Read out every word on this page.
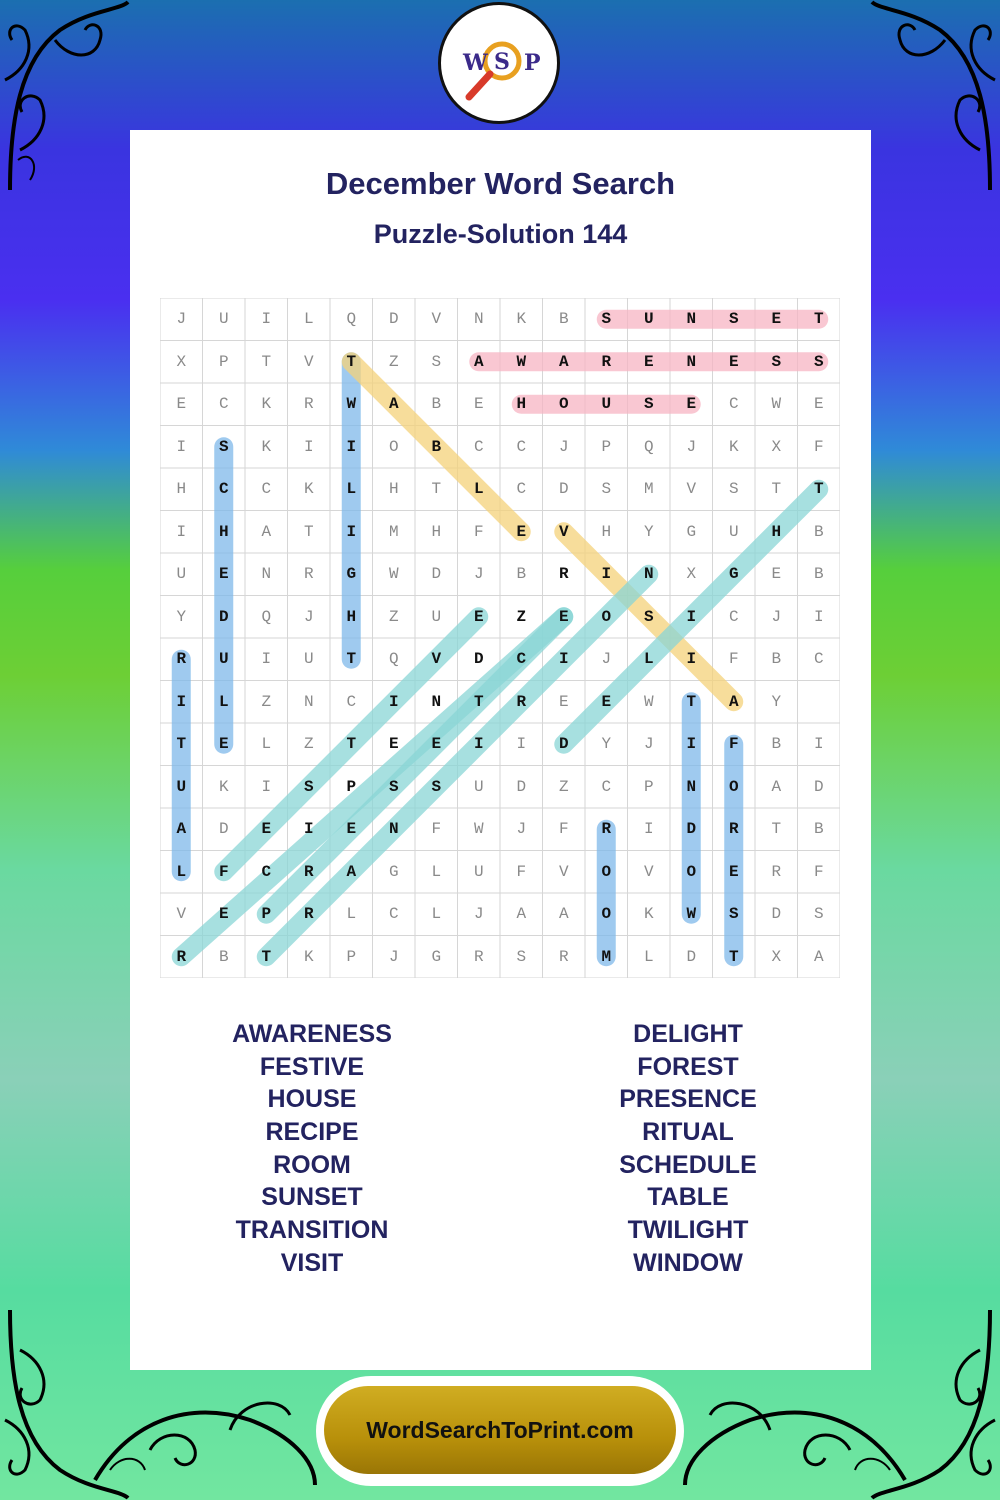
W S P
December Word Search
Puzzle-Solution 144
J	U	I	L	Q	D	V	N	K	B	S	U	N	S	E	T
X	P	T	V	T	Z	S	A	W	A	R	E	N	E	S	S
E	C	K	R	W	A	B	E	H	O	U	S	E	C	W	E
I	S	K	I	I	O	B	C	C	J	P	Q	J	K	X	F
H	C	C	K	L	H	T	L	C	D	S	M	V	S	T	T
I	H	A	T	I	M	H	F	E	V	H	Y	G	U	H	B
U	E	N	R	G	W	D	J	B	R	I	N	X	G	E	B
Y	D	Q	J	H	Z	U	E	Z	E	O	S	I	C	J	I
R	U	I	U	T	Q	V	D	C	I	J	L	I	F	B	C
I	L	Z	N	C	I	N	T	R	E	E	W	T	A	Y
T	E	L	Z	T	E	E	I	I	D	Y	J	I	F	B	I
U	K	I	S	P	S	S	U	D	Z	C	P	N	O	A	D
A	D	E	I	E	N	F	W	J	F	R	I	D	R	T	B
L	F	C	R	A	G	L	U	F	V	O	V	O	E	R	F
V	E	P	R	L	C	L	J	A	A	O	K	W	S	D	S
R	B	T	K	P	J	G	R	S	R	M	L	D	T	X	A
AWARENESS
FESTIVE
HOUSE
RECIPE
ROOM
SUNSET
TRANSITION
VISIT
DELIGHT
FOREST
PRESENCE
RITUAL
SCHEDULE
TABLE
TWILIGHT
WINDOW
WordSearchToPrint.com
